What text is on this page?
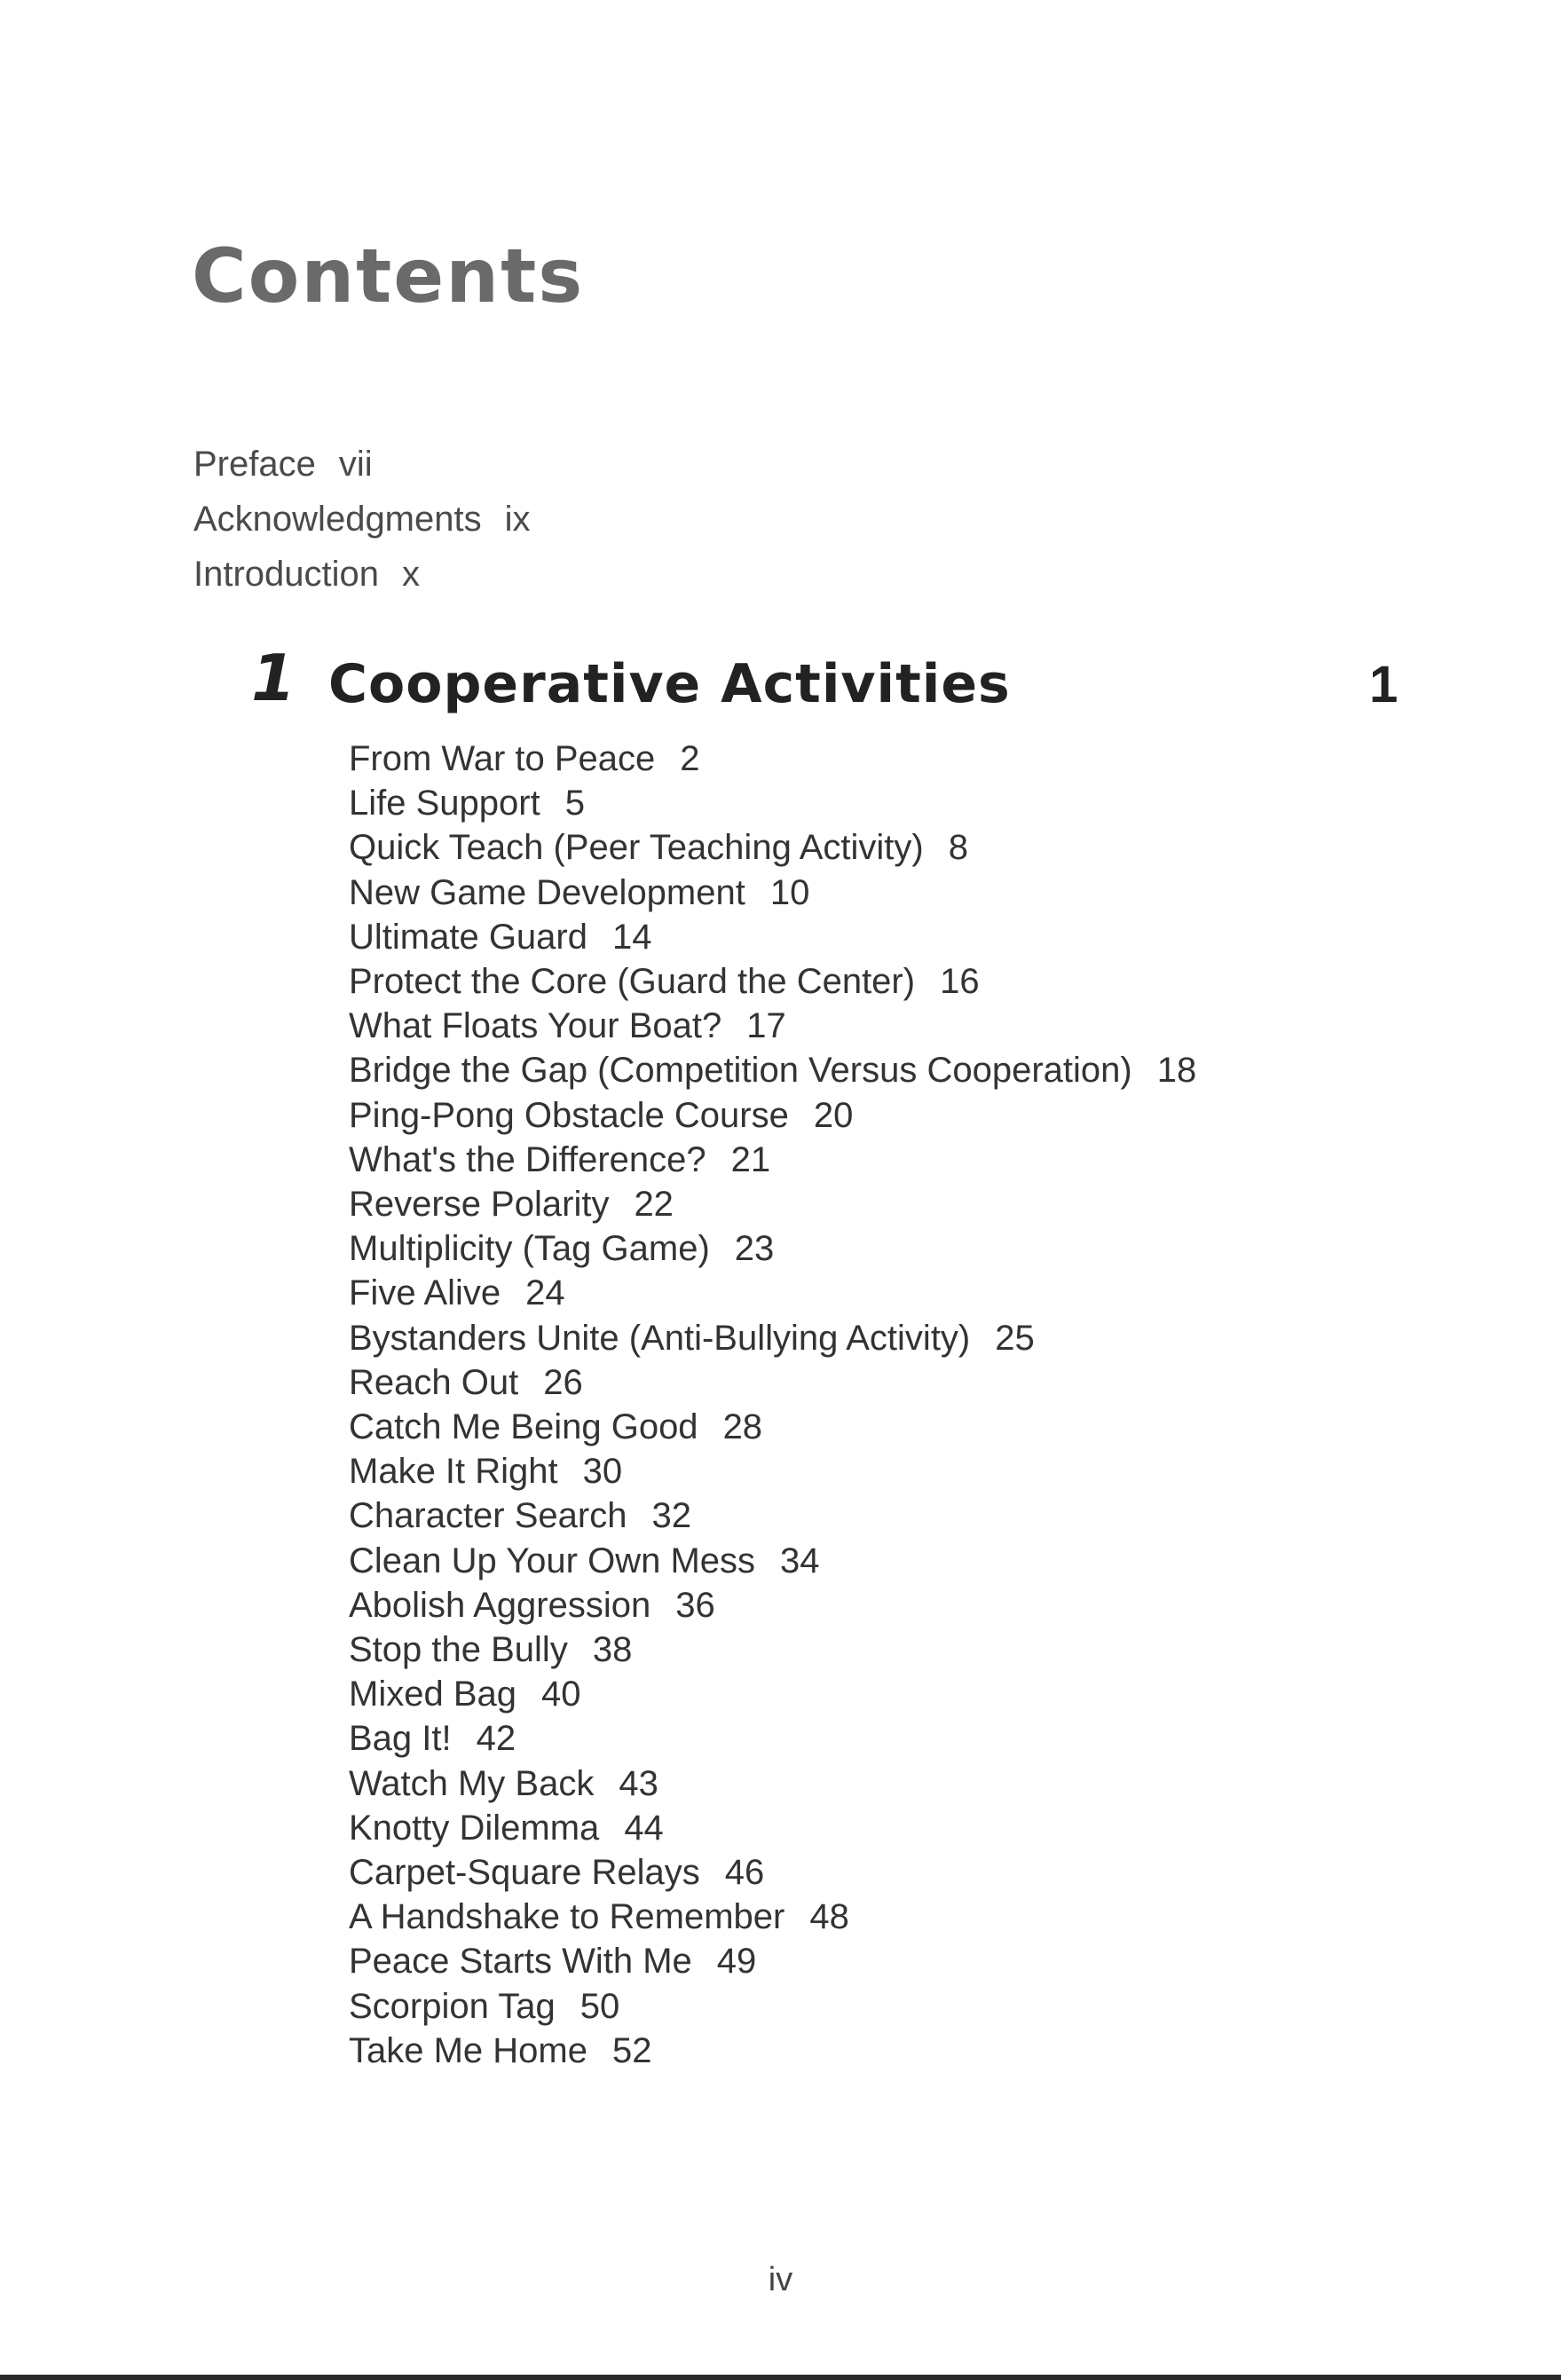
Contents
Preface vii
Acknowledgments ix
Introduction x
1 Cooperative Activities	1
From War to Peace 2
Life Support 5
Quick Teach (Peer Teaching Activity) 8
New Game Development 10
Ultimate Guard 14
Protect the Core (Guard the Center) 16
What Floats Your Boat? 17
Bridge the Gap (Competition Versus Cooperation) 18
Ping-Pong Obstacle Course 20
What's the Difference? 21
Reverse Polarity 22
Multiplicity (Tag Game) 23
Five Alive 24
Bystanders Unite (Anti-Bullying Activity) 25
Reach Out 26
Catch Me Being Good 28
Make It Right 30
Character Search 32
Clean Up Your Own Mess 34
Abolish Aggression 36
Stop the Bully 38
Mixed Bag 40
Bag It! 42
Watch My Back 43
Knotty Dilemma 44
Carpet-Square Relays 46
A Handshake to Remember 48
Peace Starts With Me 49
Scorpion Tag 50
Take Me Home 52
iv
